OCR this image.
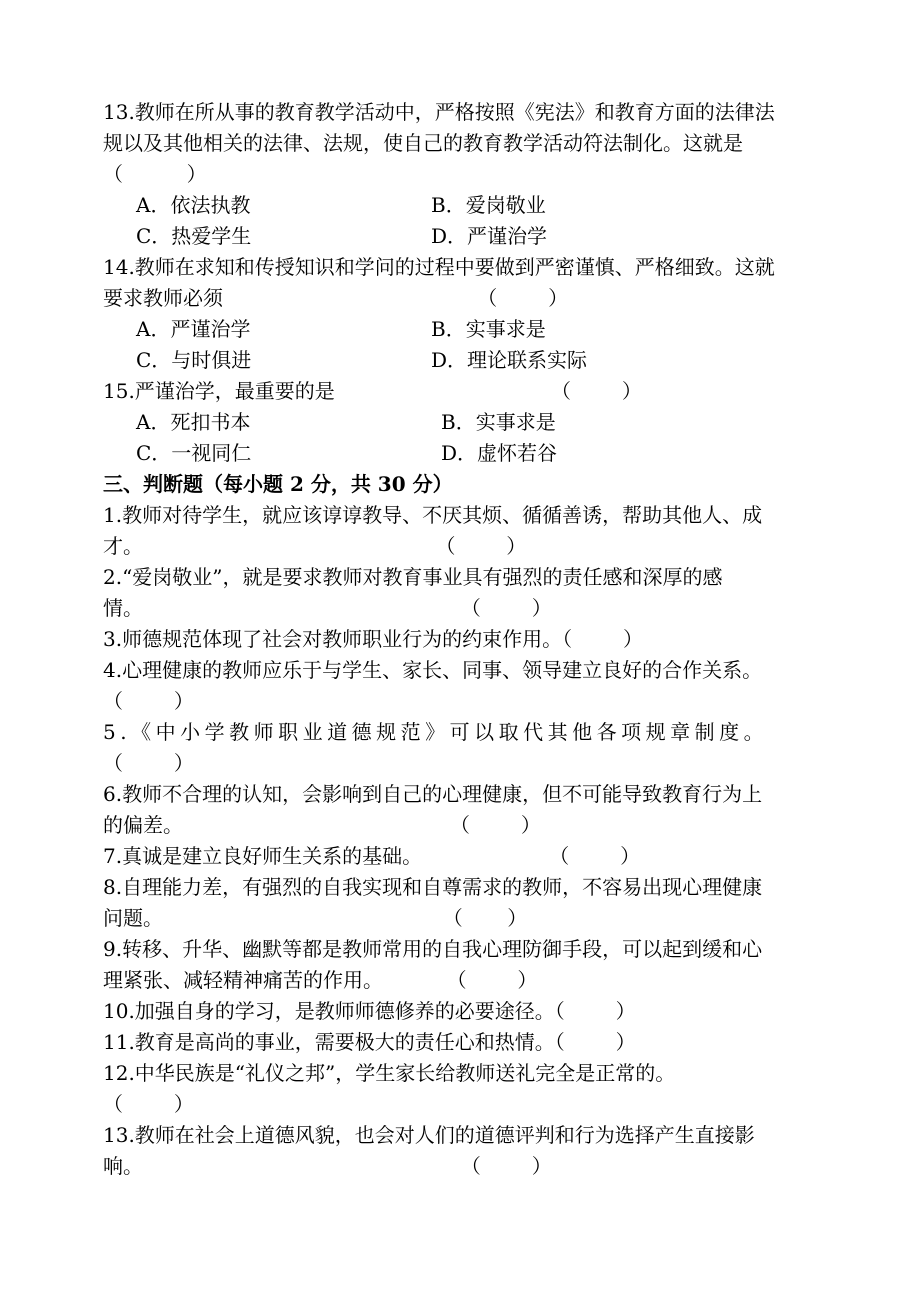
13.教师在所从事的教育教学活动中，严格按照《宪法》和教育方面的法律法
规以及其他相关的法律、法规，使自己的教育教学活动符法制化。这就是
（          ）
A．依法执教	B．爱岗敬业
C．热爱学生	D．严谨治学
14.教师在求知和传授知识和学问的过程中要做到严密谨慎、严格细致。这就
要求教师必须                                        （        ）
A．严谨治学	B．实事求是
C．与时俱进	D．理论联系实际
15.严谨治学，最重要的是                                  （        ）
A．死扣书本	B．实事求是
C．一视同仁	D．虚怀若谷
三、判断题（每小题 2 分，共 30 分）
1.教师对待学生，就应该谆谆教导、不厌其烦、循循善诱，帮助其他人、成
才。                                              （        ）
2.“爱岗敬业”，就是要求教师对教育事业具有强烈的责任感和深厚的感
情。                                                  （        ）
3.师德规范体现了社会对教师职业行为的约束作用。（        ）
4.心理健康的教师应乐于与学生、家长、同事、领导建立良好的合作关系。
（        ）
5.《中小学教师职业道德规范》可以取代其他各项规章制度。
（        ）
6.教师不合理的认知，会影响到自己的心理健康，但不可能导致教育行为上
的偏差。                                          （        ）
7.真诚是建立良好师生关系的基础。                    （        ）
8.自理能力差，有强烈的自我实现和自尊需求的教师，不容易出现心理健康
问题。                                            （       ）
9.转移、升华、幽默等都是教师常用的自我心理防御手段，可以起到缓和心
理紧张、减轻精神痛苦的作用。          （        ）
10.加强自身的学习，是教师师德修养的必要途径。（        ）
11.教育是高尚的事业，需要极大的责任心和热情。（        ）
12.中华民族是“礼仪之邦”，学生家长给教师送礼完全是正常的。
（        ）
13.教师在社会上道德风貌，也会对人们的道德评判和行为选择产生直接影
响。                                                  （        ）
